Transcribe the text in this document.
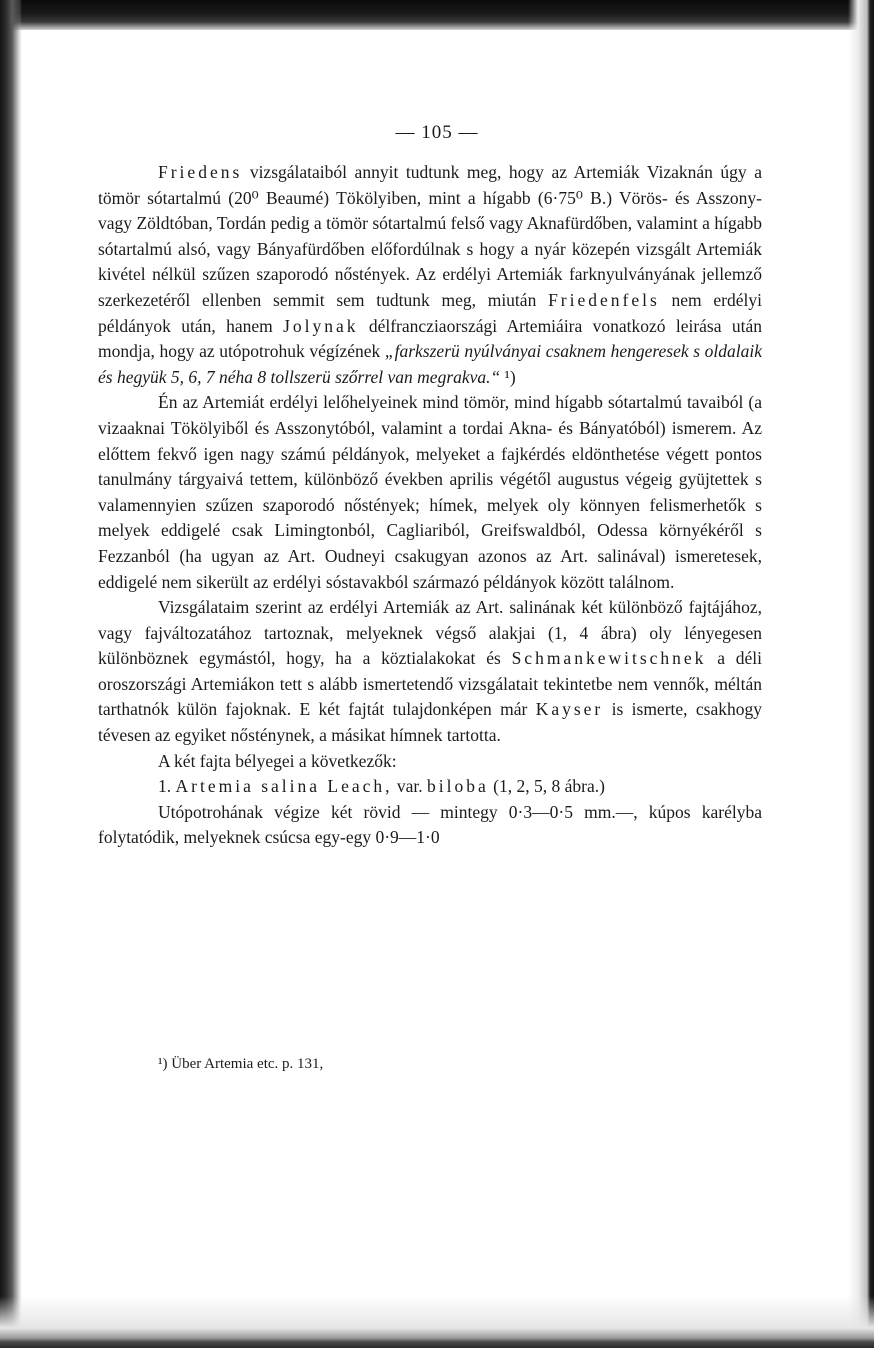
— 105 —

Friedens vizsgálataiból annyit tudtunk meg, hogy az Artemiák Vizaknán úgy a tömör sótartalmú (20⁰ Beaumé) Tökölyiben, mint a hígabb (6·75⁰ B.) Vörös- és Asszony- vagy Zöldtóban, Tordán pedig a tömör sótartalmú felső vagy Aknafürdőben, valamint a hígabb sótartalmú alsó, vagy Bányafürdőben előfordúlnak s hogy a nyár közepén vizsgált Artemiák kivétel nélkül szűzen szaporodó nőstények. Az erdélyi Artemiák farknyulványának jellemző szerkezetéről ellenben semmit sem tudtunk meg, miután Friedenfels nem erdélyi példányok után, hanem Jolynak délfrancziaországi Artemiáira vonatkozó leirása után mondja, hogy az utópotrohuk végízének „farkszerü nyúlványai csaknem hengeresek s oldalaik és hegyük 5, 6, 7 néha 8 tollszerü szőrrel van megrakva.“ ¹)

Én az Artemiát erdélyi lelőhelyeinek mind tömör, mind hígabb sótartalmú tavaiból (a vizaaknai Tökölyiből és Asszonytóból, valamint a tordai Akna- és Bányatóból) ismerem. Az előttem fekvő igen nagy számú példányok, melyeket a fajkérdés eldönthetése végett pontos tanulmány tárgyaivá tettem, különböző években aprilis végétől augustus végeig gyüjtettek s valamennyien szűzen szaporodó nőstények; hímek, melyek oly könnyen felismerhetők s melyek eddigelé csak Limingtonból, Cagliariból, Greifswaldból, Odessa környékéről s Fezzanból (ha ugyan az Art. Oudneyi csakugyan azonos az Art. salinával) ismeretesek, eddigelé nem sikerült az erdélyi sóstavakból származó példányok között találnom.

Vizsgálataim szerint az erdélyi Artemiák az Art. salinának két különböző fajtájához, vagy fajváltozatához tartoznak, melyeknek végső alakjai (1, 4 ábra) oly lényegesen különböznek egymástól, hogy, ha a köztialakokat és Schmankewitschnek a déli oroszországi Artemiákon tett s alább ismertetendő vizsgálatait tekintetbe nem vennők, méltán tarthatnók külön fajoknak. E két fajtát tulajdonképen már Kayser is ismerte, csakhogy tévesen az egyiket nősténynek, a másikat hímnek tartotta.

A két fajta bélyegei a következők:

1. Artemia salina Leach, var. biloba (1, 2, 5, 8 ábra.)

Utópotrohának végize két rövid — mintegy 0·3—0·5 mm.—, kúpos karélyba folytatódik, melyeknek csúcsa egy-egy 0·9—1·0

¹) Über Artemia etc. p. 131,
